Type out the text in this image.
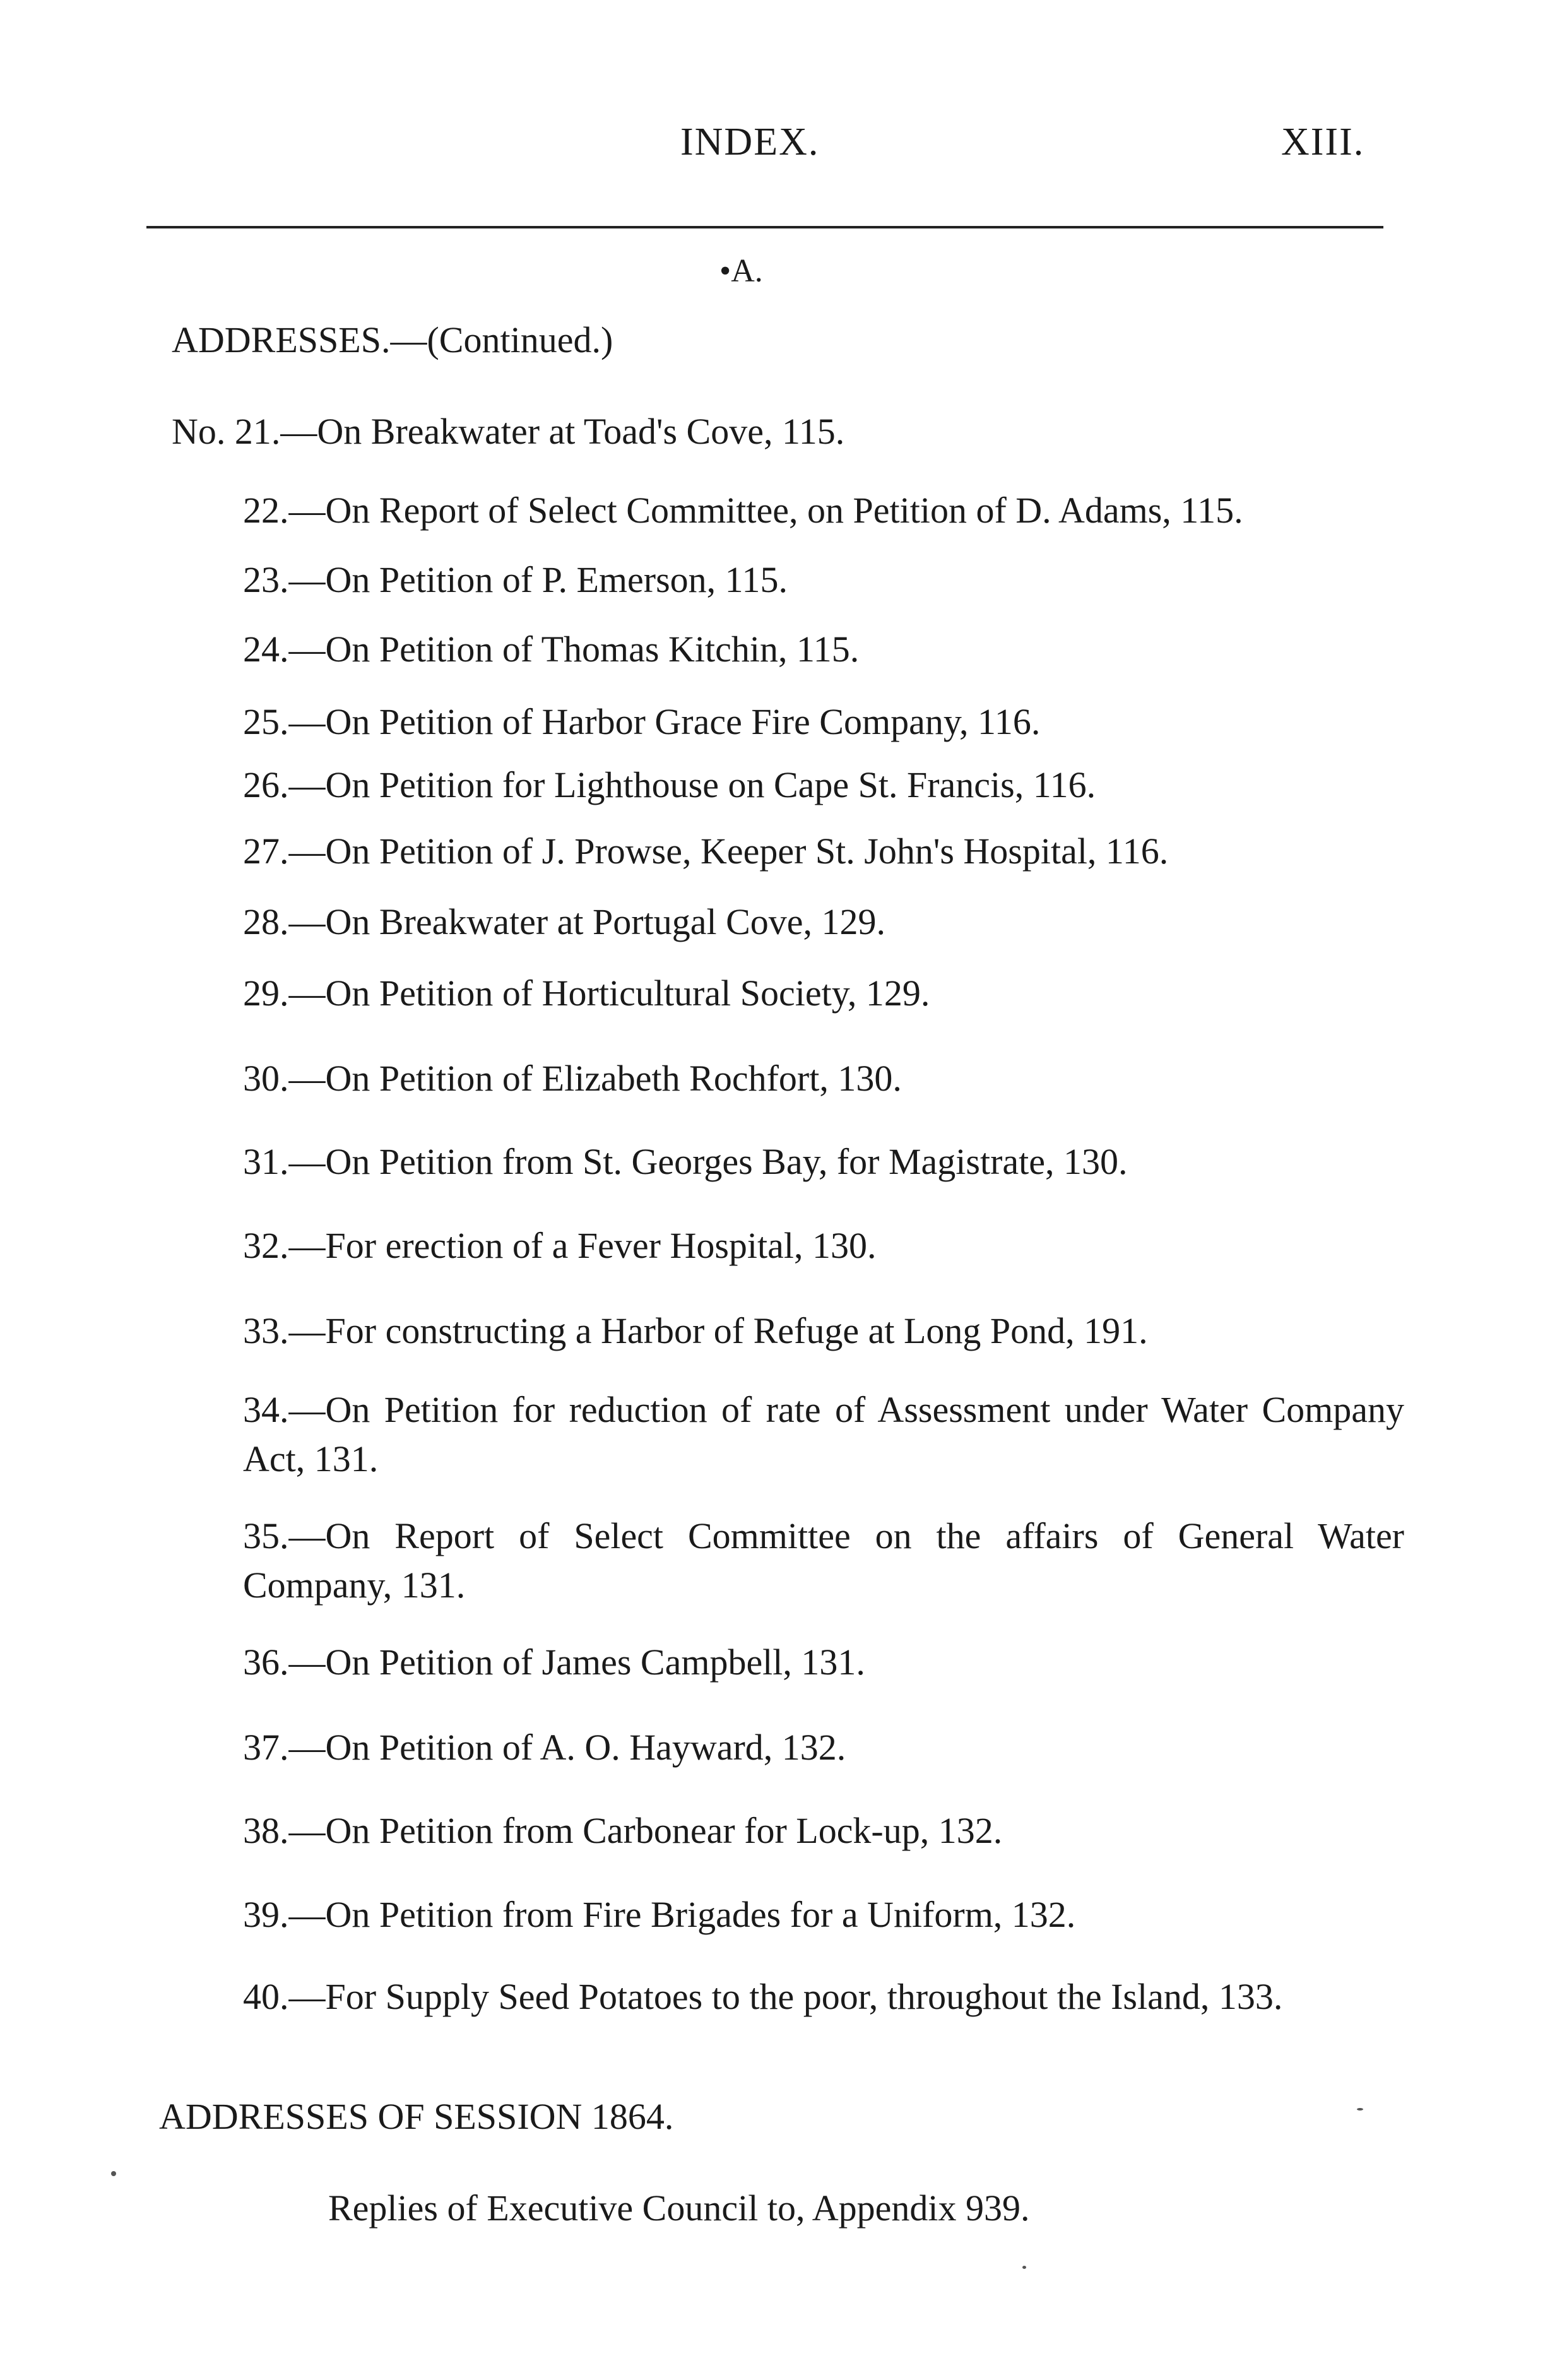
INDEX.	XIII.
•A.
ADDRESSES.—(Continued.)
No. 21.—On Breakwater at Toad's Cove, 115.
22.—On Report of Select Committee, on Petition of D. Adams, 115.
23.—On Petition of P. Emerson, 115.
24.—On Petition of Thomas Kitchin, 115.
25.—On Petition of Harbor Grace Fire Company, 116.
26.—On Petition for Lighthouse on Cape St. Francis, 116.
27.—On Petition of J. Prowse, Keeper St. John's Hospital, 116.
28.—On Breakwater at Portugal Cove, 129.
29.—On Petition of Horticultural Society, 129.
30.—On Petition of Elizabeth Rochfort, 130.
31.—On Petition from St. Georges Bay, for Magistrate, 130.
32.—For erection of a Fever Hospital, 130.
33.—For constructing a Harbor of Refuge at Long Pond, 191.
34.—On Petition for reduction of rate of Assessment under Water Company Act, 131.
35.—On Report of Select Committee on the affairs of General Water Company, 131.
36.—On Petition of James Campbell, 131.
37.—On Petition of A. O. Hayward, 132.
38.—On Petition from Carbonear for Lock-up, 132.
39.—On Petition from Fire Brigades for a Uniform, 132.
40.—For Supply Seed Potatoes to the poor, throughout the Island, 133.
ADDRESSES OF SESSION 1864.
Replies of Executive Council to, Appendix 939.
